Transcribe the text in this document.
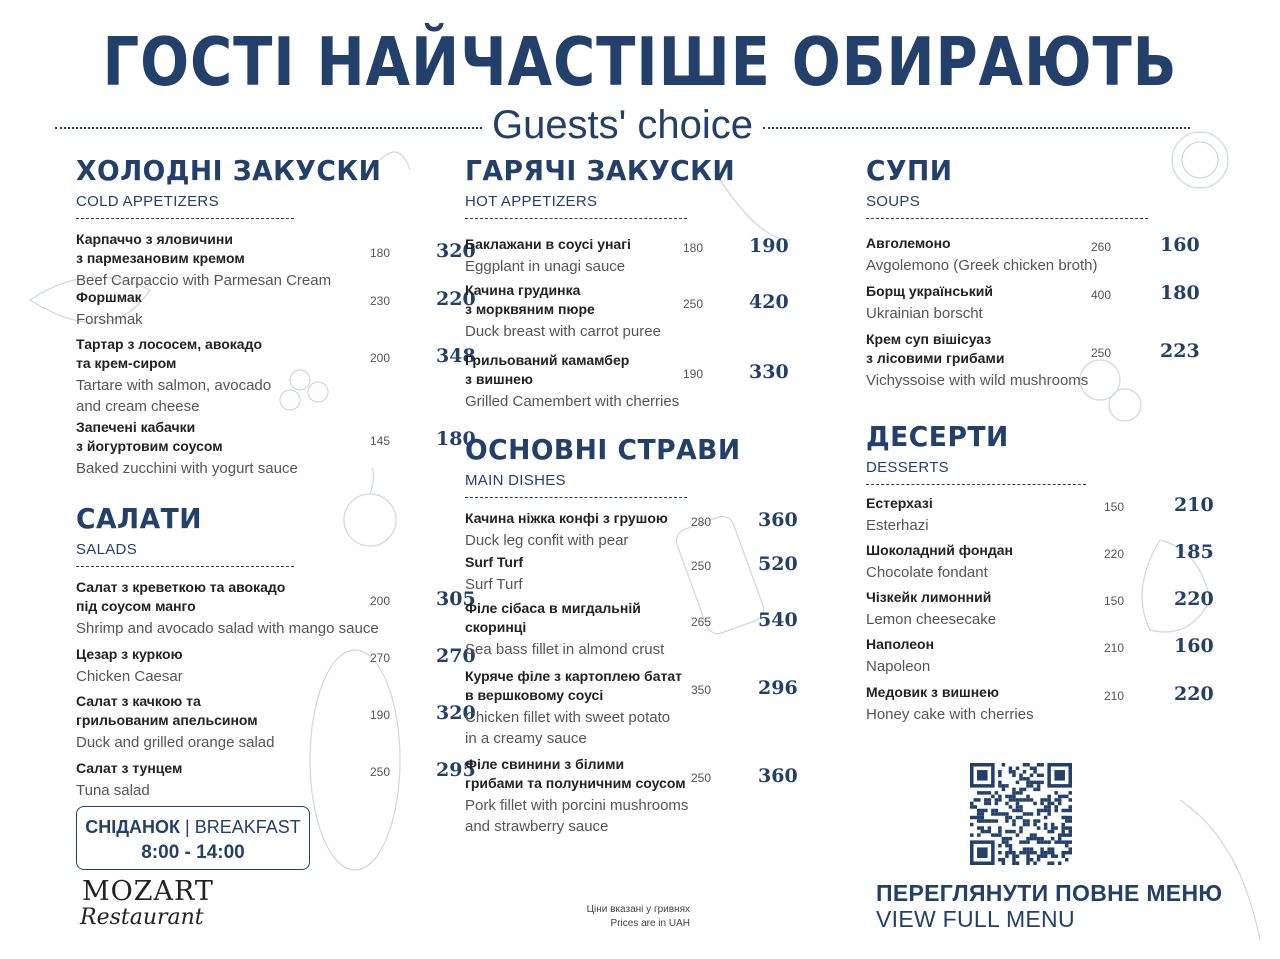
ГОСТІ НАЙЧАСТІШЕ ОБИРАЮТЬ
Guests' choice
ХОЛОДНІ ЗАКУСКИ
COLD APPETIZERS
Карпаччо з яловичини
з пармезановим кремом
Beef Carpaccio with Parmesan Cream
180 320
Форшмак
Forshmak
230 220
Тартар з лососем, авокадо
та крем-сиром
Tartare with salmon, avocado
and cream cheese
200 348
Запечені кабачки
з йогуртовим соусом
Baked zucchini with yogurt sauce
145 180
САЛАТИ
SALADS
Салат з креветкою та авокадо
під соусом манго
Shrimp and avocado salad with mango sauce
200 305
Цезар з куркою
Chicken Caesar
270 270
Салат з качкою та
грильованим апельсином
Duck and grilled orange salad
190 320
Салат з тунцем
Tuna salad
250 295
ГАРЯЧІ ЗАКУСКИ
HOT APPETIZERS
Баклажани в соусі унагі
Eggplant in unagi sauce
180 190
Качина грудинка
з морквяним пюре
Duck breast with carrot puree
250 420
Грильований камамбер
з вишнею
Grilled Camembert with cherries
190 330
ОСНОВНІ СТРАВИ
MAIN DISHES
Качина ніжка конфі з грушою
Duck leg confit with pear
280 360
Surf Turf
Surf Turf
250 520
Філе сібаса в мигдальній
скоринці
Sea bass fillet in almond crust
265 540
Куряче філе з картоплею батат
в вершковому соусі
Chicken fillet with sweet potato
in a creamy sauce
350 296
Філе свинини з білими
грибами та полуничним соусом
Pork fillet with porcini mushrooms
and strawberry sauce
250 360
СУПИ
SOUPS
Авголемоно
Avgolemono (Greek chicken broth)
260	160
Борщ український
Ukrainian borscht
400	180
Крем суп вішісуаз
з лісовими грибами
Vichyssoise with wild mushrooms
250	223
ДЕСЕРТИ
DESSERTS
Естерхазі
Esterhazi
150	210
Шоколадний фондан
Chocolate fondant
220	185
Чізкейк лимонний
Lemon cheesecake
150	220
Наполеон
Napoleon
210	160
Медовик з вишнею
Honey cake with cherries
210	220
СНІДАНОК | BREAKFAST
8:00 - 14:00
MOZART
Restaurant	Ціни вказані у гривнях
Prices are in UAH
ПЕРЕГЛЯНУТИ ПОВНЕ МЕНЮ
VIEW FULL MENU
